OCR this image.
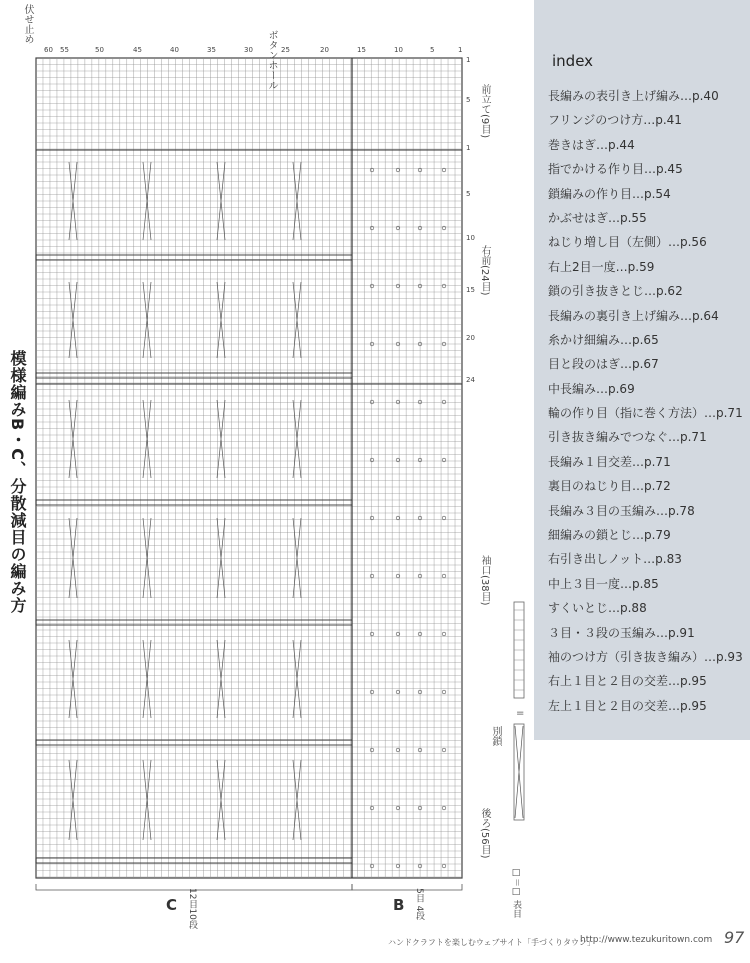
60 55	50	45	40	35	30	25	20	15	10	5	1
1
5
1
5
10
15
20
24
模様編みB・C、分散減目の編み方
伏せ止め
ボタンホール
前立て(9目)
右前(24目)
袖口(38目)
別鎖
後ろ(56目)
C 12目10段	B 5目 4段	□＝□ 表目
=
index
長編みの表引き上げ編み…p.40
フリンジのつけ方…p.41
巻きはぎ…p.44
指でかける作り目…p.45
鎖編みの作り目…p.54
かぶせはぎ…p.55
ねじり増し目（左側）…p.56
右上2目一度…p.59
鎖の引き抜きとじ…p.62
長編みの裏引き上げ編み…p.64
糸かけ細編み…p.65
目と段のはぎ…p.67
中長編み…p.69
輪の作り目（指に巻く方法）…p.71
引き抜き編みでつなぐ…p.71
長編み１目交差…p.71
裏目のねじり目…p.72
長編み３目の玉編み…p.78
細編みの鎖とじ…p.79
右引き出しノット…p.83
中上３目一度…p.85
すくいとじ…p.88
３目・３段の玉編み…p.91
袖のつけ方（引き抜き編み）…p.93
右上１目と２目の交差…p.95
左上１目と２目の交差…p.95
ハンドクラフトを楽しむウェブサイト「手づくりタウン」
http://www.tezukuritown.com 97
